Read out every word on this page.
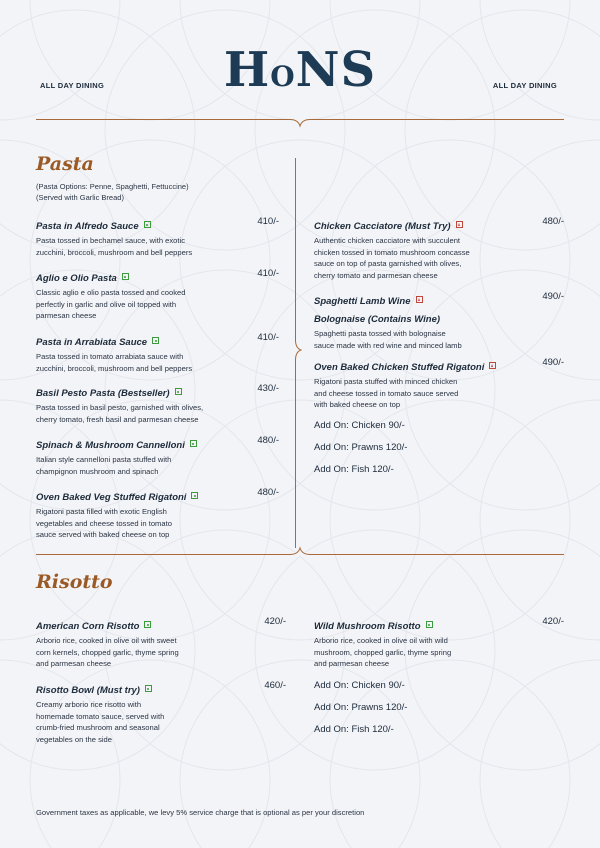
ALL DAY DINING	ALL DAY DINING
HONS
Pasta
(Pasta Options: Penne, Spaghetti, Fettuccine)
(Served with Garlic Bread)
Pasta in Alfredo Sauce	410/-
Pasta tossed in bechamel sauce, with exotic
zucchini, broccoli, mushroom and bell peppers
Aglio e Olio Pasta	410/-
Classic aglio e olio pasta tossed and cooked
perfectly in garlic and olive oil topped with
parmesan cheese
Pasta in Arrabiata Sauce	410/-
Pasta tossed in tomato arrabiata sauce with
zucchini, broccoli, mushroom and bell peppers
Basil Pesto Pasta (Bestseller)	430/-
Pasta tossed in basil pesto, garnished with olives,
cherry tomato, fresh basil and parmesan cheese
Spinach & Mushroom Cannelloni	480/-
Italian style cannelloni pasta stuffed with
champignon mushroom and spinach
Oven Baked Veg Stuffed Rigatoni	480/-
Rigatoni pasta filled with exotic English
vegetables and cheese tossed in tomato
sauce served with baked cheese on top
Chicken Cacciatore (Must Try)	480/-
Authentic chicken cacciatore with succulent
chicken tossed in tomato mushroom concasse
sauce on top of pasta garnished with olives,
cherry tomato and parmesan cheese
Spaghetti Lamb Wine	490/-
Bolognaise (Contains Wine)
Spaghetti pasta tossed with bolognaise
sauce made with red wine and minced lamb
Oven Baked Chicken Stuffed Rigatoni	490/-
Rigatoni pasta stuffed with minced chicken
and cheese tossed in tomato sauce served
with baked cheese on top
Add On: Chicken 90/-
Add On: Prawns 120/-
Add On: Fish 120/-
Risotto
American Corn Risotto	420/-
Arborio rice, cooked in olive oil with sweet
corn kernels, chopped garlic, thyme spring
and parmesan cheese
Risotto Bowl (Must try)	460/-
Creamy arborio rice risotto with
homemade tomato sauce, served with
crumb-fried mushroom and seasonal
vegetables on the side
Wild Mushroom Risotto	420/-
Arborio rice, cooked in olive oil with wild
mushroom, chopped garlic, thyme spring
and parmesan cheese
Add On: Chicken 90/-
Add On: Prawns 120/-
Add On: Fish 120/-
Government taxes as applicable, we levy 5% service charge that is optional as per your discretion
